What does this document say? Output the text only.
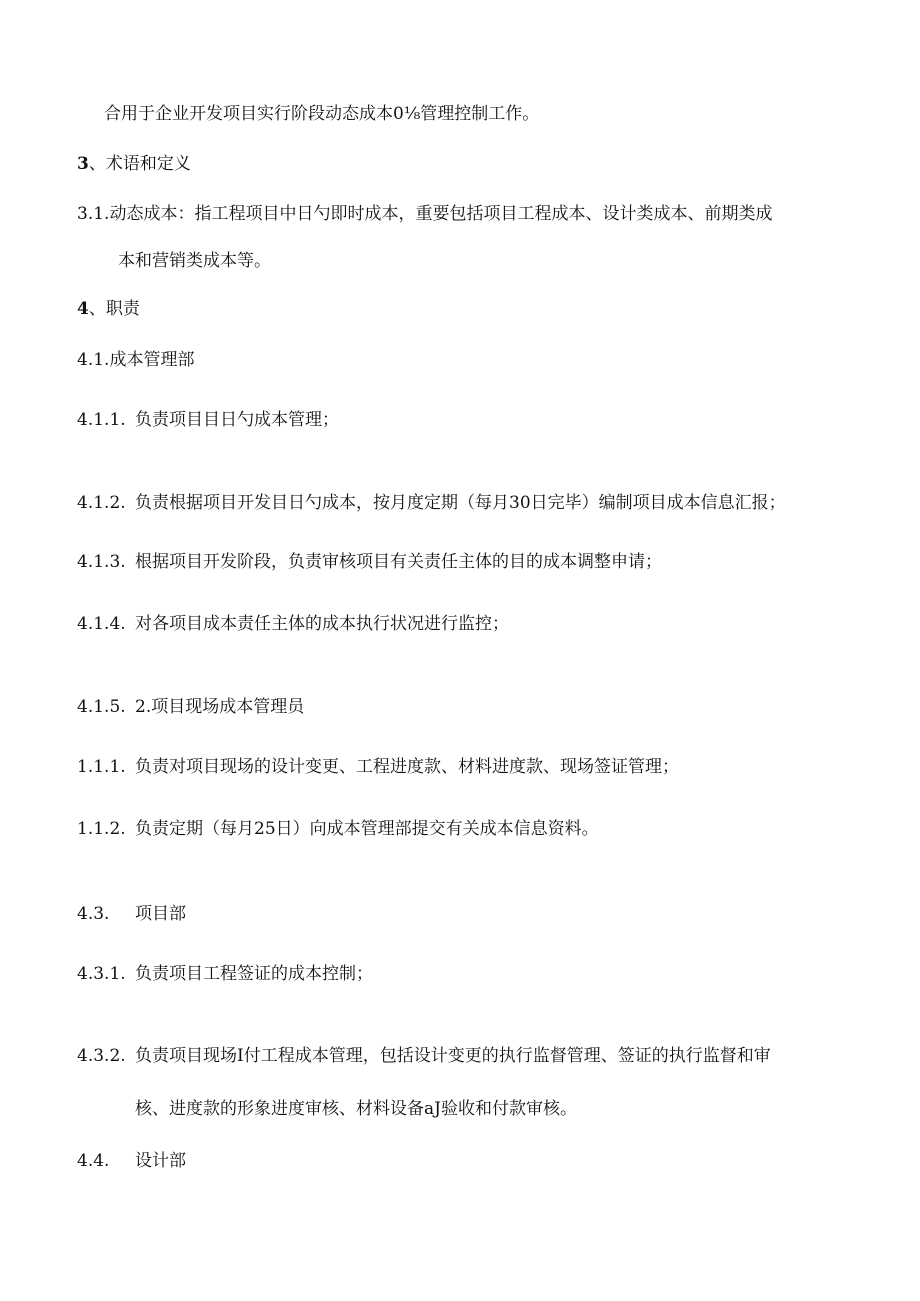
合用于企业开发项目实行阶段动态成本0⅛管理控制工作。
3、术语和定义
3.1.动态成本：指工程项目中日勺即时成本，重要包括项目工程成本、设计类成本、前期类成
本和营销类成本等。
4、职责
4.1.成本管理部
4.1.1. 负责项目目日勺成本管理；
4.1.2. 负责根据项目开发目日勺成本，按月度定期（每月30日完毕）编制项目成本信息汇报；
4.1.3. 根据项目开发阶段，负责审核项目有关责任主体的目的成本调整申请；
4.1.4. 对各项目成本责任主体的成本执行状况进行监控；
4.1.5. 2.项目现场成本管理员
1.1.1. 负责对项目现场的设计变更、工程进度款、材料进度款、现场签证管理；
1.1.2. 负责定期（每月25日）向成本管理部提交有关成本信息资料。
4.3. 项目部
4.3.1. 负责项目工程签证的成本控制；
4.3.2. 负责项目现场I付工程成本管理，包括设计变更的执行监督管理、签证的执行监督和审
核、进度款的形象进度审核、材料设备aJ验收和付款审核。
4.4. 设计部
